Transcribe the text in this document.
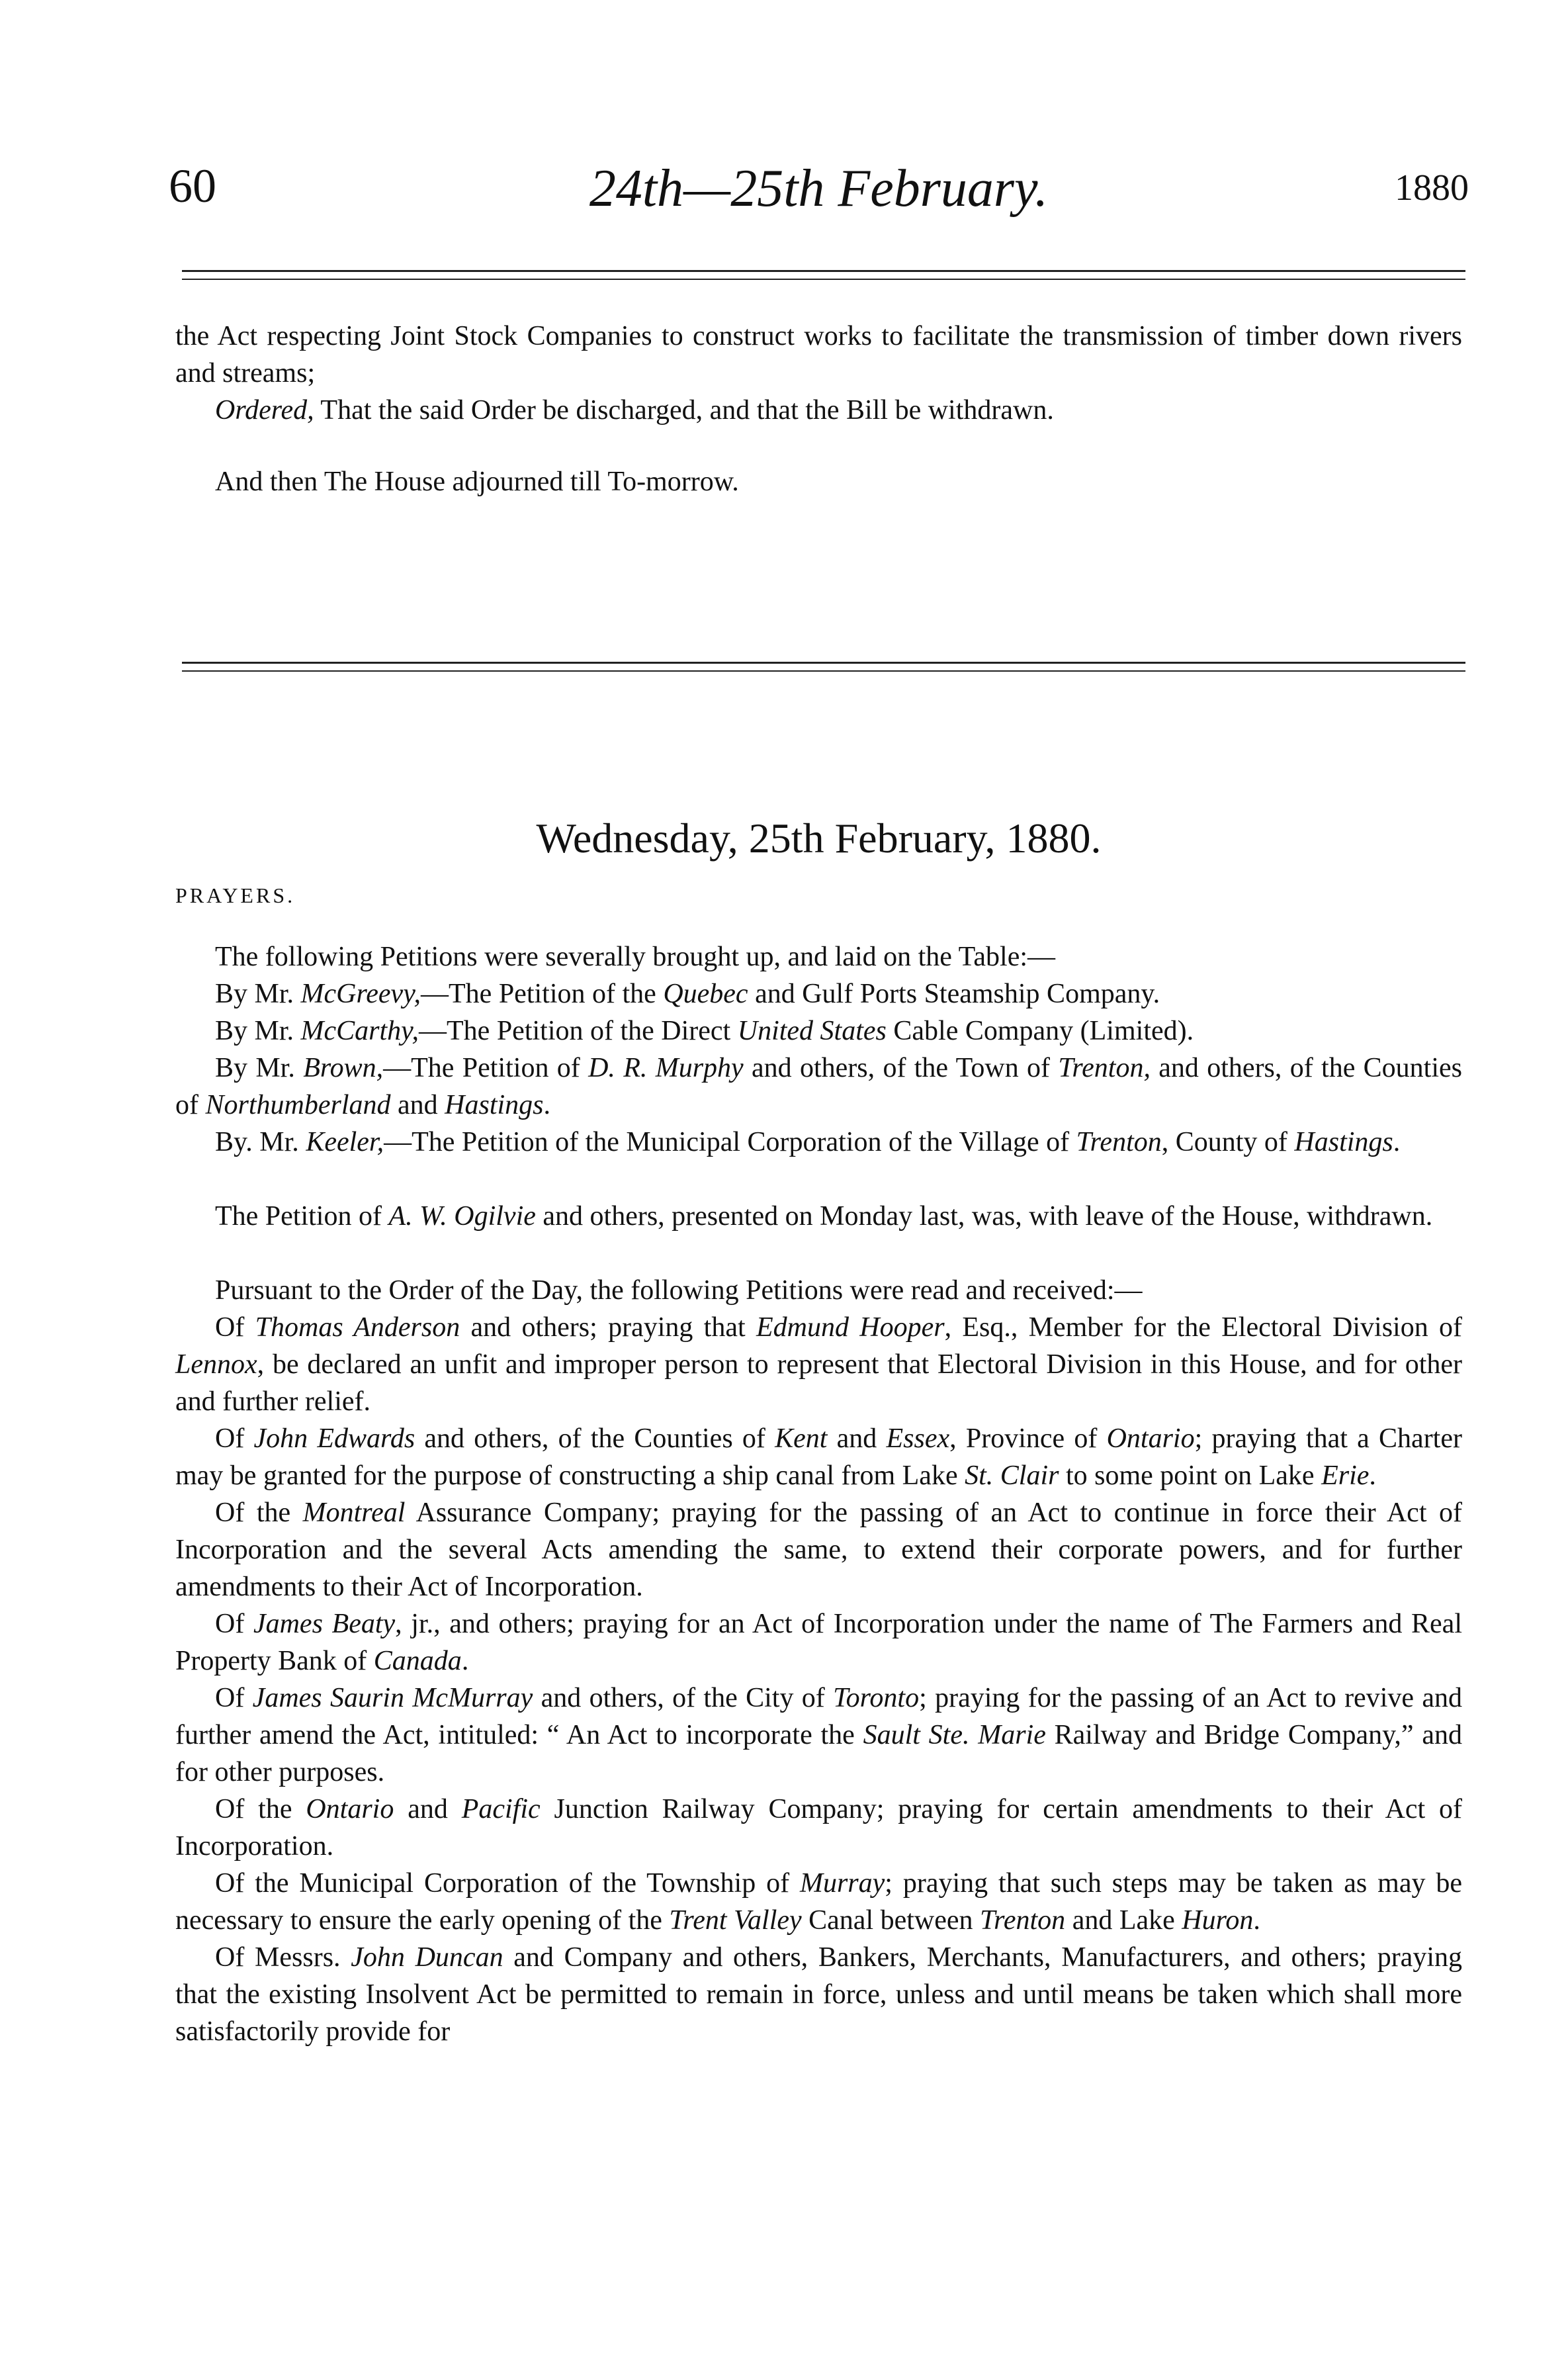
60	24th—25th February.	1880

the Act respecting Joint Stock Companies to construct works to facilitate the transmission of timber down rivers and streams;

Ordered, That the said Order be discharged, and that the Bill be withdrawn.

And then The House adjourned till To-morrow.

Wednesday, 25th February, 1880.
PRAYERS.

The following Petitions were severally brought up, and laid on the Table:—

By Mr. McGreevy,—The Petition of the Quebec and Gulf Ports Steamship Company.

By Mr. McCarthy,—The Petition of the Direct United States Cable Company (Limited).

By Mr. Brown,—The Petition of D. R. Murphy and others, of the Town of Trenton, and others, of the Counties of Northumberland and Hastings.

By. Mr. Keeler,—The Petition of the Municipal Corporation of the Village of Trenton, County of Hastings.

The Petition of A. W. Ogilvie and others, presented on Monday last, was, with leave of the House, withdrawn.

Pursuant to the Order of the Day, the following Petitions were read and received:—

Of Thomas Anderson and others; praying that Edmund Hooper, Esq., Member for the Electoral Division of Lennox, be declared an unfit and improper person to represent that Electoral Division in this House, and for other and further relief.

Of John Edwards and others, of the Counties of Kent and Essex, Province of Ontario; praying that a Charter may be granted for the purpose of constructing a ship canal from Lake St. Clair to some point on Lake Erie.

Of the Montreal Assurance Company; praying for the passing of an Act to continue in force their Act of Incorporation and the several Acts amending the same, to extend their corporate powers, and for further amendments to their Act of Incorporation.

Of James Beaty, jr., and others; praying for an Act of Incorporation under the name of The Farmers and Real Property Bank of Canada.

Of James Saurin McMurray and others, of the City of Toronto; praying for the passing of an Act to revive and further amend the Act, intituled: “ An Act to incorporate the Sault Ste. Marie Railway and Bridge Company,” and for other purposes.

Of the Ontario and Pacific Junction Railway Company; praying for certain amendments to their Act of Incorporation.

Of the Municipal Corporation of the Township of Murray; praying that such steps may be taken as may be necessary to ensure the early opening of the Trent Valley Canal between Trenton and Lake Huron.

Of Messrs. John Duncan and Company and others, Bankers, Merchants, Manufacturers, and others; praying that the existing Insolvent Act be permitted to remain in force, unless and until means be taken which shall more satisfactorily provide for
